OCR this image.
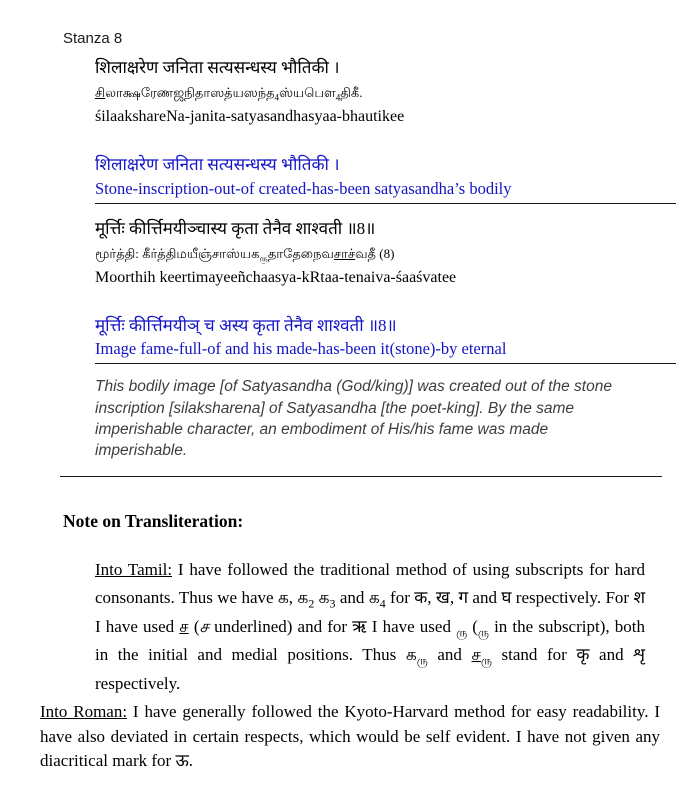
Stanza 8
शिलाक्षरेण जनिता सत्यसन्धस्य भौतिकी ।
$சிலாக்ஷரேணஜநிதாஸத்யஸந்த_4ஸ்யபௌ_4திகீ$.
śilaakshareNa-janita-satyasandhasyaa-bhautikee
शिलाक्षरेण जनिता सत्यसन्धस्य भौतिकी ।
Stone-inscription-out-of created-has-been satyasandha’s bodily
मूर्त्तिः कीर्त्तिमयीञ्चास्य कृता तेनैव शाश्वती ॥8॥
மூர்த்தி: கீர்த்திமயீஞ்சாஸ்யக$_{ரு}$தாதேநைவசாச்வதீ (8)
Moorthih keertimayeeñchaasya-kRtaa-tenaiva-śaaśvatee
मूर्त्तिः कीर्त्तिमयीञ् च अस्य कृता तेनैव शाश्वती ॥8॥
Image fame-full-of and his made-has-been it(stone)-by eternal
This bodily image [of Satyasandha (God/king)] was created out of the stone inscription [silaksharena] of Satyasandha [the poet-king]. By the same imperishable character, an embodiment of His/his fame was made imperishable.
Note on Transliteration:

Into Tamil: I have followed the traditional method of using subscripts for hard consonants. Thus we have க, க$_2$ க$_3$ and க$_4$ for क, ख, ग and घ respectively. For श I have used ச (ச underlined) and for ऋ I have used $_{ரு}$ ($_{ரு}$ in the subscript), both in the initial and medial positions. Thus க$_{ரு}$ and ச$_{ரு}$ stand for कृ and शृ respectively.

Into Roman: I have generally followed the Kyoto-Harvard method for easy readability. I have also deviated in certain respects, which would be self evident. I have not given any diacritical mark for ऊ.
